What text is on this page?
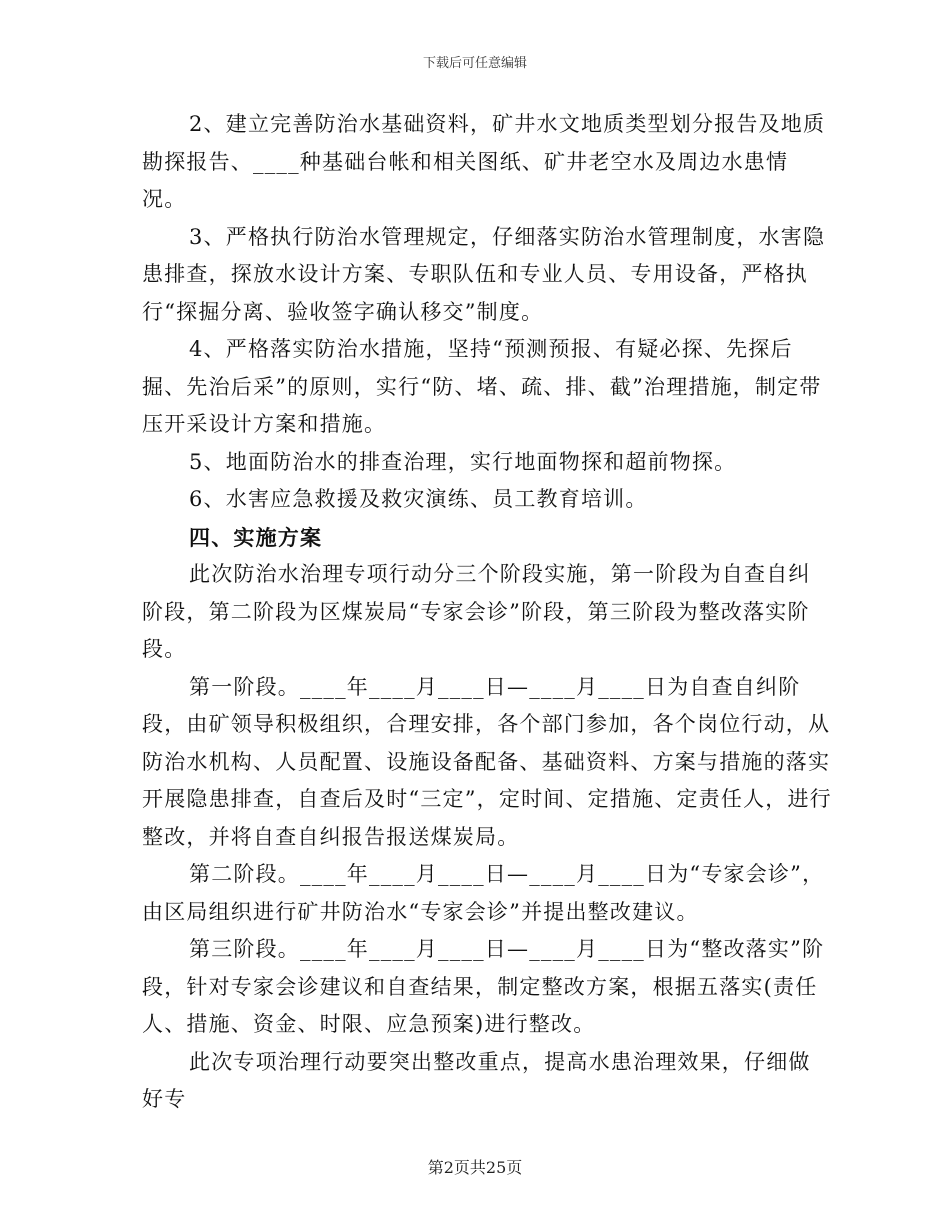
下载后可任意编辑

2、建立完善防治水基础资料，矿井水文地质类型划分报告及地质勘探报告、____种基础台帐和相关图纸、矿井老空水及周边水患情况。

3、严格执行防治水管理规定，仔细落实防治水管理制度，水害隐患排查，探放水设计方案、专职队伍和专业人员、专用设备，严格执行“探掘分离、验收签字确认移交”制度。

4、严格落实防治水措施，坚持“预测预报、有疑必探、先探后掘、先治后采”的原则，实行“防、堵、疏、排、截”治理措施，制定带压开采设计方案和措施。

5、地面防治水的排查治理，实行地面物探和超前物探。

6、水害应急救援及救灾演练、员工教育培训。

四、实施方案

此次防治水治理专项行动分三个阶段实施，第一阶段为自查自纠阶段，第二阶段为区煤炭局“专家会诊”阶段，第三阶段为整改落实阶段。

第一阶段。____年____月____日—____月____日为自查自纠阶段，由矿领导积极组织，合理安排，各个部门参加，各个岗位行动，从防治水机构、人员配置、设施设备配备、基础资料、方案与措施的落实开展隐患排查，自查后及时“三定”，定时间、定措施、定责任人，进行整改，并将自查自纠报告报送煤炭局。

第二阶段。____年____月____日—____月____日为“专家会诊”，由区局组织进行矿井防治水“专家会诊”并提出整改建议。

第三阶段。____年____月____日—____月____日为“整改落实”阶段，针对专家会诊建议和自查结果，制定整改方案，根据五落实(责任人、措施、资金、时限、应急预案)进行整改。

此次专项治理行动要突出整改重点，提高水患治理效果，仔细做好专

第2页共25页
